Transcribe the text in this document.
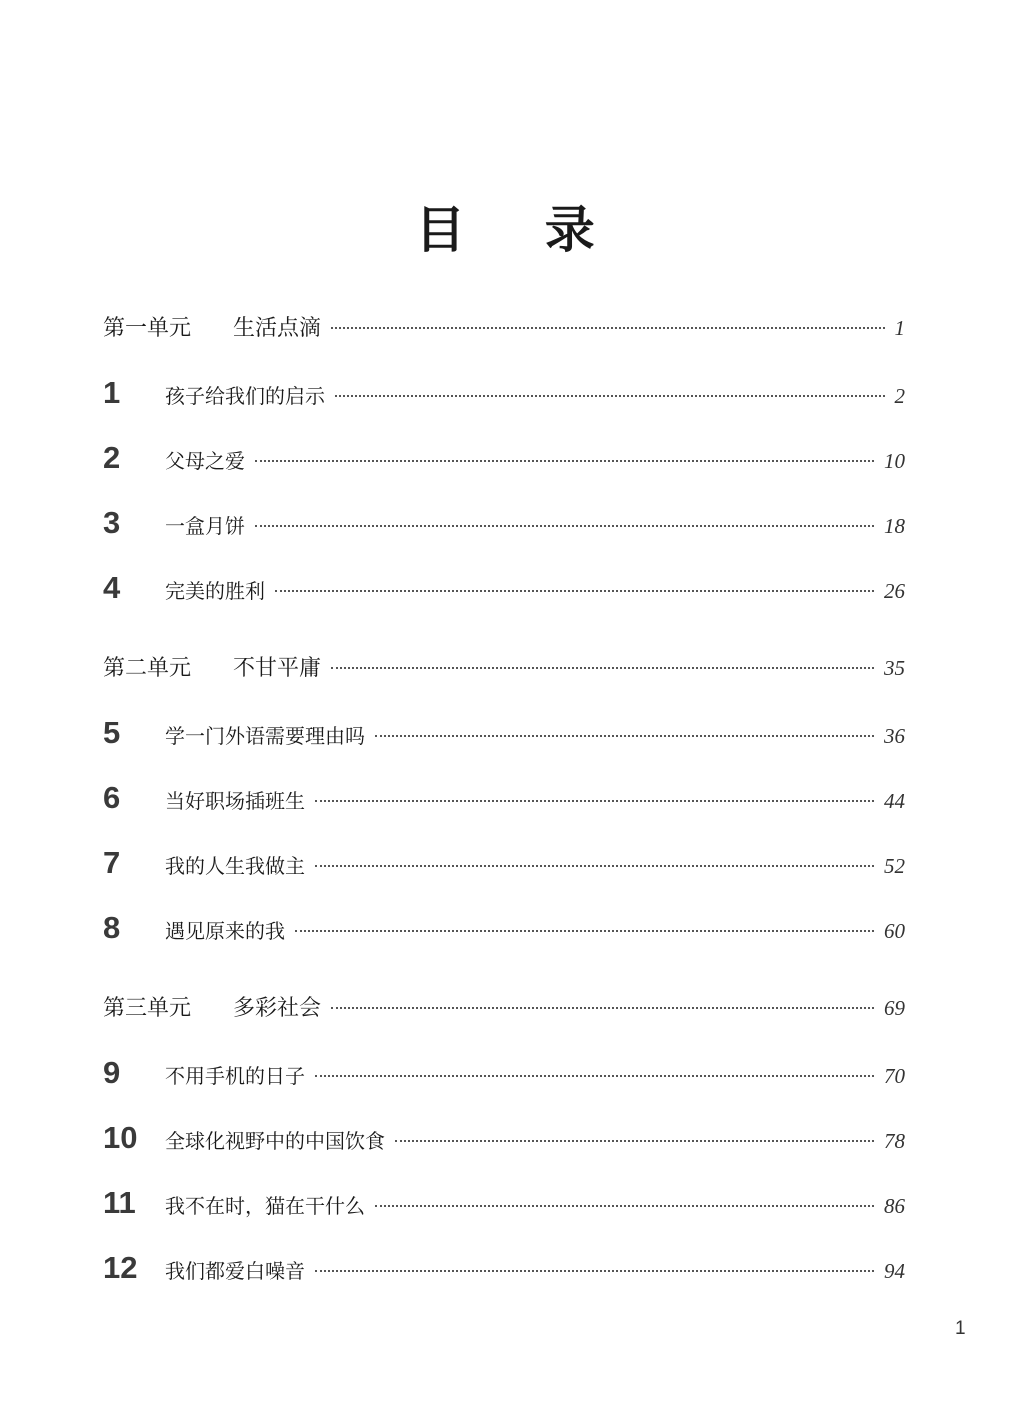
目 录
第一单元	生活点滴	1
1	孩子给我们的启示	2
2	父母之爱	10
3	一盒月饼	18
4	完美的胜利	26
第二单元	不甘平庸	35
5	学一门外语需要理由吗	36
6	当好职场插班生	44
7	我的人生我做主	52
8	遇见原来的我	60
第三单元	多彩社会	69
9	不用手机的日子	70
10	全球化视野中的中国饮食	78
11	我不在时，猫在干什么	86
12	我们都爱白噪音	94
1
